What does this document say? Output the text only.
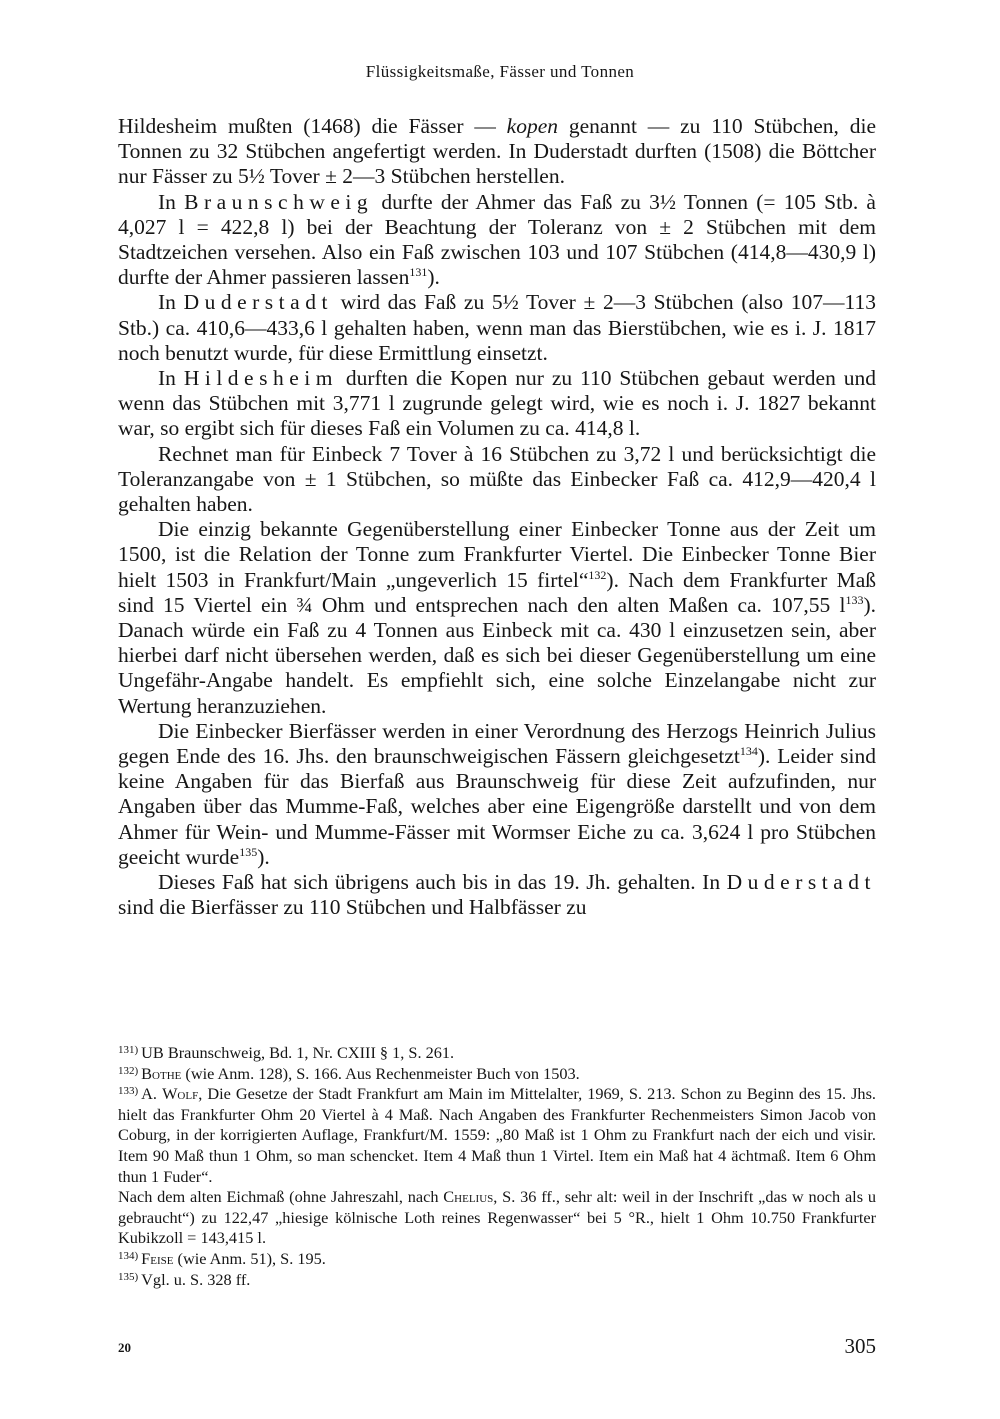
Flüssigkeitsmaße, Fässer und Tonnen

Hildesheim mußten (1468) die Fässer — kopen genannt — zu 110 Stübchen, die Tonnen zu 32 Stübchen angefertigt werden. In Duderstadt durften (1508) die Böttcher nur Fässer zu 5½ Tover ± 2—3 Stübchen herstellen.

In Braunschweig durfte der Ahmer das Faß zu 3½ Tonnen (= 105 Stb. à 4,027 l = 422,8 l) bei der Beachtung der Toleranz von ± 2 Stübchen mit dem Stadtzeichen versehen. Also ein Faß zwischen 103 und 107 Stübchen (414,8—430,9 l) durfte der Ahmer passieren lassen$^{131}$).

In Duderstadt wird das Faß zu 5½ Tover ± 2—3 Stübchen (also 107—113 Stb.) ca. 410,6—433,6 l gehalten haben, wenn man das Bierstübchen, wie es i. J. 1817 noch benutzt wurde, für diese Ermittlung einsetzt.

In Hildesheim durften die Kopen nur zu 110 Stübchen gebaut werden und wenn das Stübchen mit 3,771 l zugrunde gelegt wird, wie es noch i. J. 1827 bekannt war, so ergibt sich für dieses Faß ein Volumen zu ca. 414,8 l.

Rechnet man für Einbeck 7 Tover à 16 Stübchen zu 3,72 l und berücksichtigt die Toleranzangabe von ± 1 Stübchen, so müßte das Einbecker Faß ca. 412,9—420,4 l gehalten haben.

Die einzig bekannte Gegenüberstellung einer Einbecker Tonne aus der Zeit um 1500, ist die Relation der Tonne zum Frankfurter Viertel. Die Einbecker Tonne Bier hielt 1503 in Frankfurt/Main „ungeverlich 15 firtel“$^{132}$). Nach dem Frankfurter Maß sind 15 Viertel ein ¾ Ohm und entsprechen nach den alten Maßen ca. 107,55 $l^{133}$). Danach würde ein Faß zu 4 Tonnen aus Einbeck mit ca. 430 l einzusetzen sein, aber hierbei darf nicht übersehen werden, daß es sich bei dieser Gegenüberstellung um eine Ungefähr-Angabe handelt. Es empfiehlt sich, eine solche Einzelangabe nicht zur Wertung heranzuziehen.

Die Einbecker Bierfässer werden in einer Verordnung des Herzogs Heinrich Julius gegen Ende des 16. Jhs. den braunschweigischen Fässern gleichgesetzt$^{134}$). Leider sind keine Angaben für das Bierfaß aus Braunschweig für diese Zeit aufzufinden, nur Angaben über das Mumme-Faß, welches aber eine Eigengröße darstellt und von dem Ahmer für Wein- und Mumme-Fässer mit Wormser Eiche zu ca. 3,624 l pro Stübchen geeicht wurde$^{135}$).

Dieses Faß hat sich übrigens auch bis in das 19. Jh. gehalten. In Duderstadt sind die Bierfässer zu 110 Stübchen und Halbfässer zu

$^{131)}$ UB Braunschweig, Bd. 1, Nr. CXIII § 1, S. 261.

$^{132)}$ Bothe (wie Anm. 128), S. 166. Aus Rechenmeister Buch von 1503.

$^{133)}$ A. Wolf, Die Gesetze der Stadt Frankfurt am Main im Mittelalter, 1969, S. 213. Schon zu Beginn des 15. Jhs. hielt das Frankfurter Ohm 20 Viertel à 4 Maß. Nach Angaben des Frankfurter Rechenmeisters Simon Jacob von Coburg, in der korrigierten Auflage, Frankfurt/M. 1559: „80 Maß ist 1 Ohm zu Frankfurt nach der eich und visir. Item 90 Maß thun 1 Ohm, so man schencket. Item 4 Maß thun 1 Virtel. Item ein Maß hat 4 ächtmaß. Item 6 Ohm thun 1 Fuder“.

Nach dem alten Eichmaß (ohne Jahreszahl, nach Chelius, S. 36 ff., sehr alt: weil in der Inschrift „das w noch als u gebraucht“) zu 122,47 „hiesige kölnische Loth reines Regenwasser“ bei 5 °R., hielt 1 Ohm 10.750 Frankfurter Kubikzoll = 143,415 l.

$^{134)}$ Feise (wie Anm. 51), S. 195.

$^{135)}$ Vgl. u. S. 328 ff.

20	305
